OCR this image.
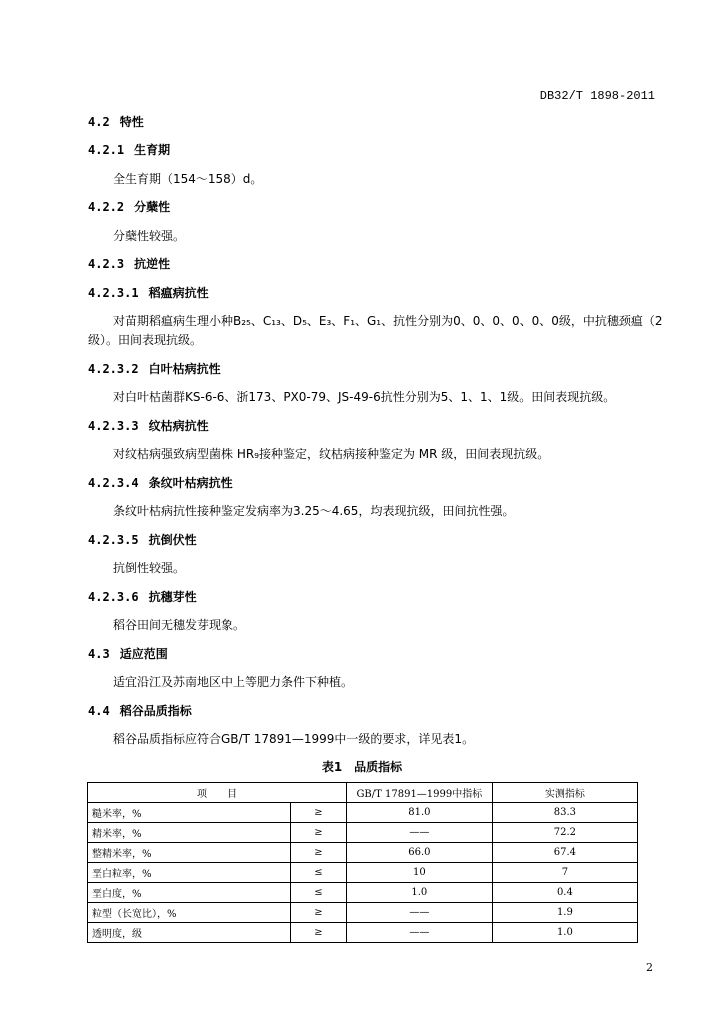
DB32/T 1898-2011
4.2 特性
4.2.1 生育期
全生育期（154～158）d。
4.2.2 分蘖性
分蘖性较强。
4.2.3 抗逆性
4.2.3.1 稻瘟病抗性
对苗期稻瘟病生理小种B₂₅、C₁₃、D₅、E₃、F₁、G₁、抗性分别为0、0、0、0、0、0级，中抗穗颈瘟（2
级）。田间表现抗级。
4.2.3.2 白叶枯病抗性
对白叶枯菌群KS-6-6、浙173、PX0-79、JS-49-6抗性分别为5、1、1、1级。田间表现抗级。
4.2.3.3 纹枯病抗性
对纹枯病强致病型菌株 HR₉接种鉴定，纹枯病接种鉴定为 MR 级，田间表现抗级。
4.2.3.4 条纹叶枯病抗性
条纹叶枯病抗性接种鉴定发病率为3.25～4.65，均表现抗级，田间抗性强。
4.2.3.5 抗倒伏性
抗倒性较强。
4.2.3.6 抗穗芽性
稻谷田间无穗发芽现象。
4.3 适应范围
适宜沿江及苏南地区中上等肥力条件下种植。
4.4 稻谷品质指标
稻谷品质指标应符合GB/T 17891—1999中一级的要求，详见表1。
表1　品质指标
项　　目		GB/T 17891—1999中指标	实测指标
糙米率，%	≥	81.0	83.3
精米率，%	≥	——	72.2
整精米率，%	≥	66.0	67.4
垩白粒率，%	≤	10	7
垩白度，%	≤	1.0	0.4
粒型（长宽比），%	≥	——	1.9
透明度，级	≥	——	1.0
2
